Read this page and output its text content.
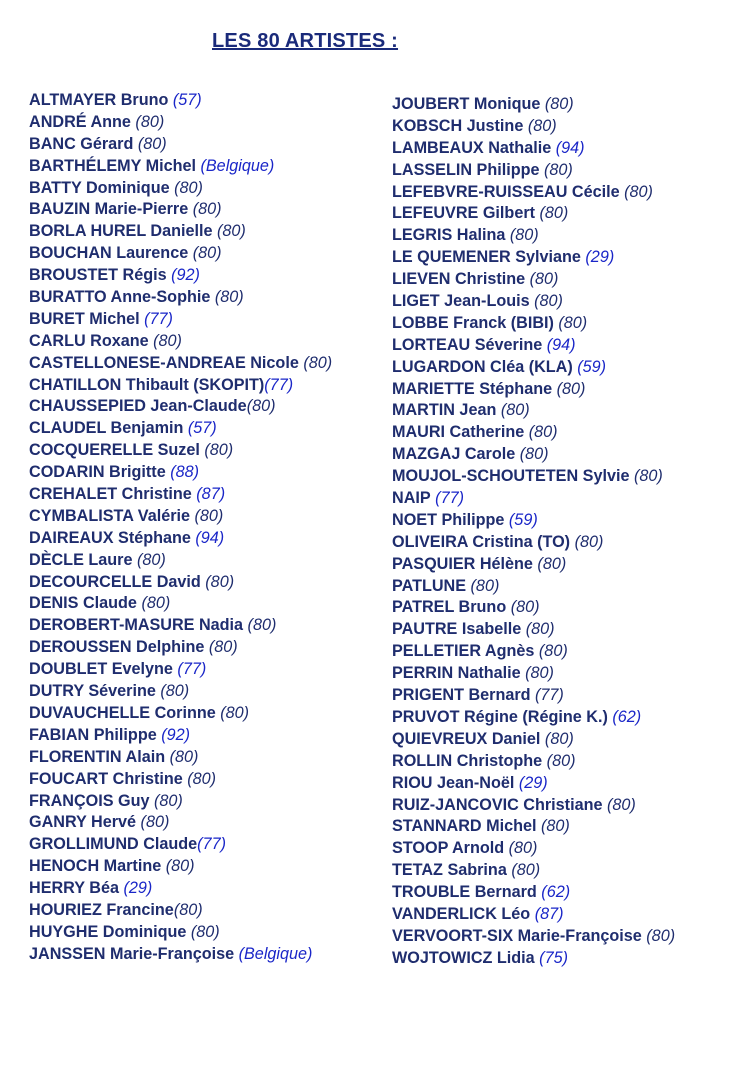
LES 80 ARTISTES :
ALTMAYER Bruno (57)
ANDRÉ Anne (80)
BANC Gérard (80)
BARTHÉLEMY Michel (Belgique)
BATTY Dominique (80)
BAUZIN Marie-Pierre (80)
BORLA HUREL Danielle (80)
BOUCHAN Laurence (80)
BROUSTET Régis (92)
BURATTO Anne-Sophie (80)
BURET Michel (77)
CARLU Roxane (80)
CASTELLONESE-ANDREAE Nicole (80)
CHATILLON Thibault (SKOPIT)(77)
CHAUSSEPIED Jean-Claude(80)
CLAUDEL Benjamin (57)
COCQUERELLE Suzel (80)
CODARIN Brigitte (88)
CREHALET Christine (87)
CYMBALISTA Valérie (80)
DAIREAUX Stéphane (94)
DÈCLE Laure (80)
DECOURCELLE David (80)
DENIS Claude (80)
DEROBERT-MASURE Nadia (80)
DEROUSSEN Delphine (80)
DOUBLET Evelyne (77)
DUTRY Séverine (80)
DUVAUCHELLE Corinne (80)
FABIAN Philippe (92)
FLORENTIN Alain (80)
FOUCART Christine (80)
FRANÇOIS Guy (80)
GANRY Hervé (80)
GROLLIMUND Claude(77)
HENOCH Martine (80)
HERRY Béa (29)
HOURIEZ Francine(80)
HUYGHE Dominique (80)
JANSSEN Marie-Françoise (Belgique)
JOUBERT Monique (80)
KOBSCH Justine (80)
LAMBEAUX Nathalie (94)
LASSELIN Philippe (80)
LEFEBVRE-RUISSEAU Cécile (80)
LEFEUVRE Gilbert (80)
LEGRIS Halina (80)
LE QUEMENER Sylviane (29)
LIEVEN Christine (80)
LIGET Jean-Louis (80)
LOBBE Franck (BIBI) (80)
LORTEAU Séverine (94)
LUGARDON Cléa (KLA) (59)
MARIETTE Stéphane (80)
MARTIN Jean (80)
MAURI Catherine (80)
MAZGAJ Carole (80)
MOUJOL-SCHOUTETEN Sylvie (80)
NAIP (77)
NOET Philippe (59)
OLIVEIRA Cristina (TO) (80)
PASQUIER Hélène (80)
PATLUNE (80)
PATREL Bruno (80)
PAUTRE Isabelle (80)
PELLETIER Agnès (80)
PERRIN Nathalie (80)
PRIGENT Bernard (77)
PRUVOT Régine (Régine K.) (62)
QUIEVREUX Daniel (80)
ROLLIN Christophe (80)
RIOU Jean-Noël (29)
RUIZ-JANCOVIC Christiane (80)
STANNARD Michel (80)
STOOP Arnold (80)
TETAZ Sabrina (80)
TROUBLE Bernard (62)
VANDERLICK Léo (87)
VERVOORT-SIX Marie-Françoise (80)
WOJTOWICZ Lidia (75)
